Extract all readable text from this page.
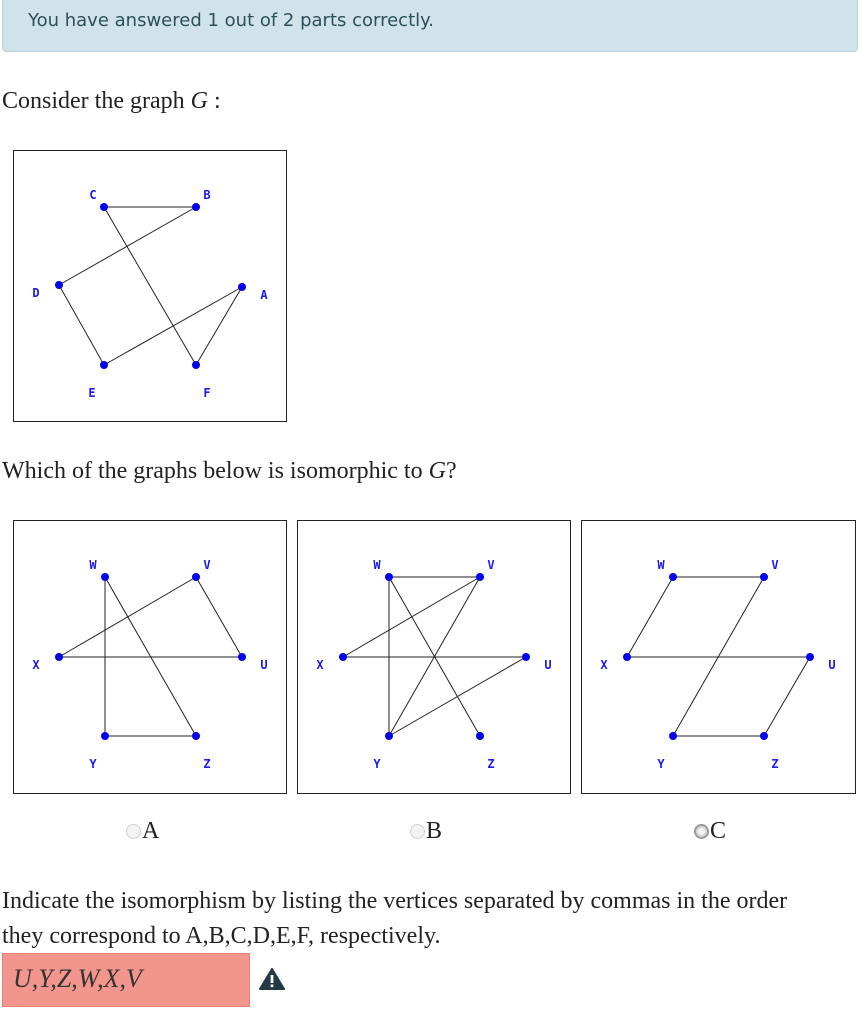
You have answered 1 out of 2 parts correctly.
Consider the graph G :
A
B
C
D
E	F
Which of the graphs below is isomorphic to G?
W	V
X	U
Y	Z
W	V
X	U
Y	Z
W	V
X	U
Y	Z
A	B	C
Indicate the isomorphism by listing the vertices separated by commas in the order
they correspond to A,B,C,D,E,F, respectively.
U,Y,Z,W,X,V
